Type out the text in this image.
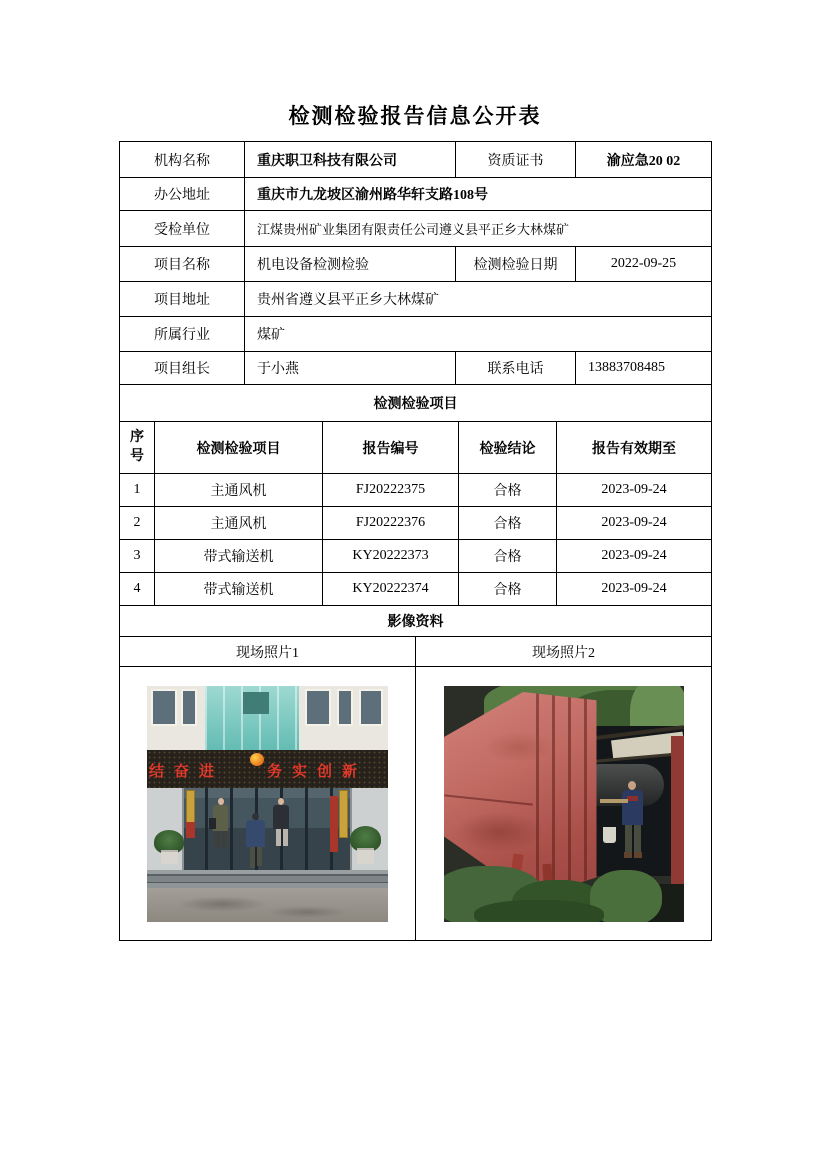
检测检验报告信息公开表
机构名称	重庆职卫科技有限公司	资质证书	渝应急20 02
办公地址	重庆市九龙坡区渝州路华轩支路108号		
受检单位	江煤贵州矿业集团有限责任公司遵义县平正乡大林煤矿		
项目名称	机电设备检测检验	检测检验日期	2022-09-25
项目地址	贵州省遵义县平正乡大林煤矿		
所属行业	煤矿		
项目组长	于小燕	联系电话	13883708485
检测检验项目				
序号	检测检验项目	报告编号	检验结论	报告有效期至
1	主通风机	FJ20222375	合格	2023-09-24
2	主通风机	FJ20222376	合格	2023-09-24
3	带式输送机	KY20222373	合格	2023-09-24
4	带式输送机	KY20222374	合格	2023-09-24
影像资料	
现场照片1	现场照片2

结奋进 务实创新	
